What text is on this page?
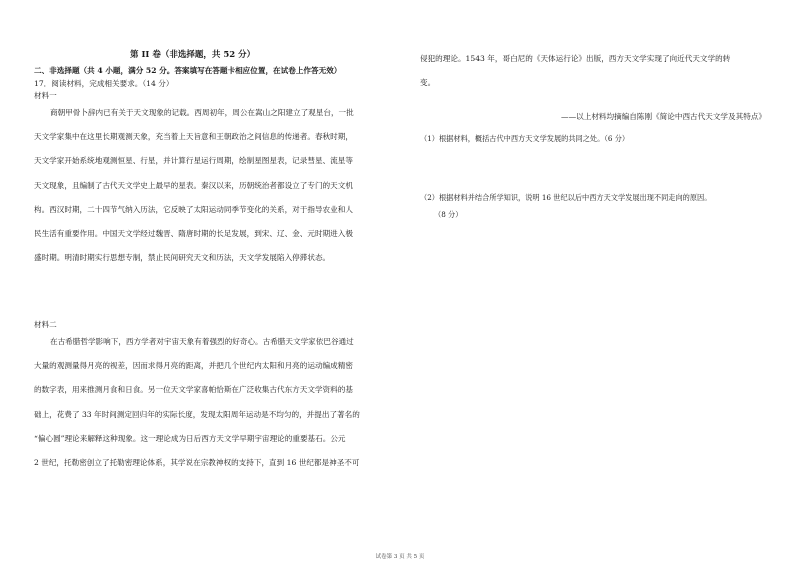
第 II 卷（非选择题，共 52 分）
二、非选择题（共 4 小题，满分 52 分。答案填写在答题卡相应位置，在试卷上作答无效）
17．阅读材料，完成相关要求。（14 分）
材料一
商朝甲骨卜辞内已有关于天文现象的记载。西周初年，周公在嵩山之阳建立了观星台，一批
天文学家集中在这里长期观测天象，充当着上天旨意和王朝政治之间信息的传递者。春秋时期，
天文学家开始系统地观测恒星、行星，并计算行星运行周期，绘制星图星表，记录彗星、流星等
天文现象，且编制了古代天文学史上最早的星表。秦汉以来，历朝统治者都设立了专门的天文机
构。西汉时期，二十四节气纳入历法，它反映了太阳运动同季节变化的关系，对于指导农业和人
民生活有重要作用。中国天文学经过魏晋、隋唐时期的长足发展，到宋、辽、金、元时期进入极
盛时期。明清时期实行思想专制，禁止民间研究天文和历法，天文学发展陷入停滞状态。
材料二
在古希腊哲学影响下，西方学者对宇宙天象有着强烈的好奇心。古希腊天文学家依巴谷通过
大量的观测量得月亮的视差，因而求得月亮的距离，并把几个世纪内太阳和月亮的运动编成精密
的数字表，用来推测月食和日食。另一位天文学家喜帕恰斯在广泛收集古代东方天文学资料的基
础上，花费了 33 年时间测定回归年的实际长度，发现太阳周年运动是不均匀的，并提出了著名的
“偏心圆”理论来解释这种现象。这一理论成为日后西方天文学早期宇宙理论的重要基石。公元
2 世纪，托勒密创立了托勒密理论体系，其学说在宗教神权的支持下，直到 16 世纪都是神圣不可
侵犯的理论。1543 年，哥白尼的《天体运行论》出版，西方天文学实现了向近代天文学的转
变。
——以上材料均摘编自陈刚《简论中西古代天文学及其特点》
（1）根据材料，概括古代中西方天文学发展的共同之处。（6 分）
（2）根据材料并结合所学知识，说明 16 世纪以后中西方天文学发展出现不同走向的原因。
（8 分）
试卷第 3 页 共 5 页
